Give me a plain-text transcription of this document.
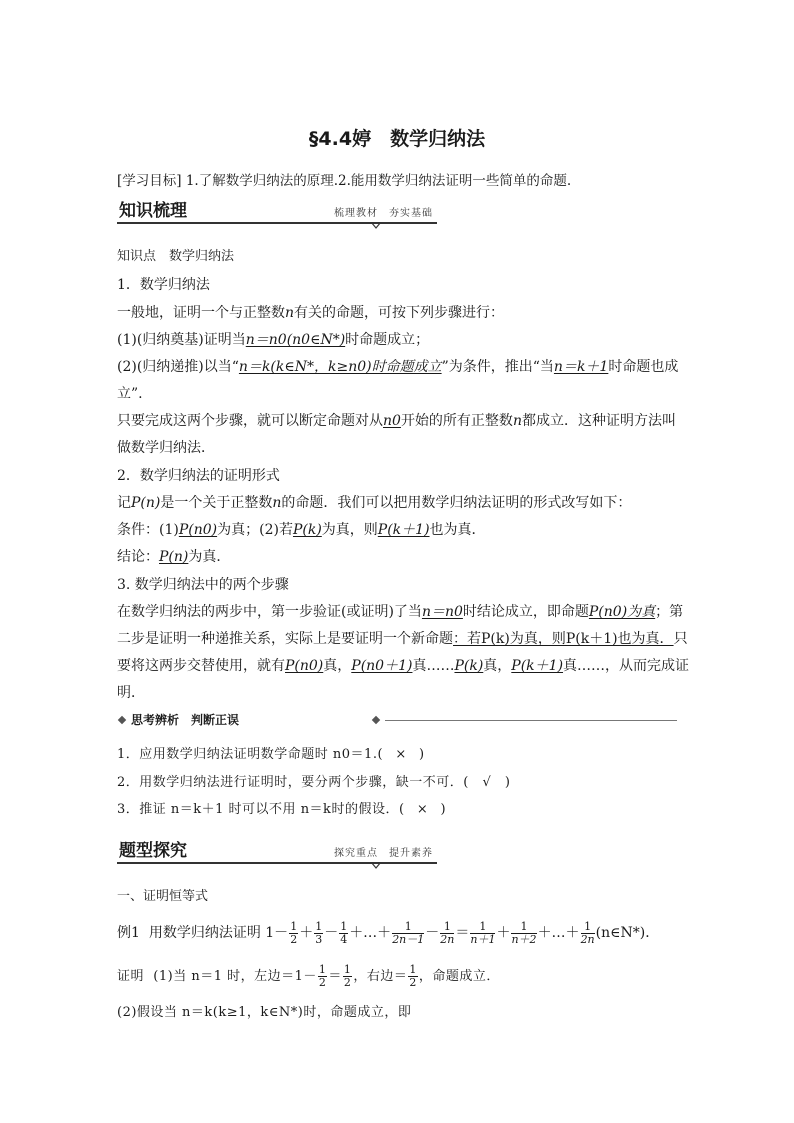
§4.4婷　数学归纳法
[学习目标] 1.了解数学归纳法的原理.2.能用数学归纳法证明一些简单的命题.
知识梳理	梳理教材　夯实基础
知识点　数学归纳法
1．数学归纳法
一般地，证明一个与正整数n有关的命题，可按下列步骤进行：
(1)(归纳奠基)证明当n＝n0(n0∈N*)时命题成立；
(2)(归纳递推)以当“n＝k(k∈N*，k≥n0)时命题成立”为条件，推出“当n＝k＋1时命题也成
立”.
只要完成这两个步骤，就可以断定命题对从n0开始的所有正整数n都成立．这种证明方法叫
做数学归纳法．
2．数学归纳法的证明形式
记P(n)是一个关于正整数n的命题．我们可以把用数学归纳法证明的形式改写如下：
条件：(1)P(n0)为真；(2)若P(k)为真，则P(k＋1)也为真．
结论：P(n)为真．
3. 数学归纳法中的两个步骤
在数学归纳法的两步中，第一步验证(或证明)了当n＝n0时结论成立，即命题P(n0)为真；第
二步是证明一种递推关系，实际上是要证明一个新命题：若P(k)为真，则P(k＋1)也为真．只
要将这两步交替使用，就有P(n0)真，P(n0＋1)真……P(k)真，P(k＋1)真……，从而完成证
明．
思考辨析　判断正误
1．应用数学归纳法证明数学命题时 n0＝1.( × )
2．用数学归纳法进行证明时，要分两个步骤，缺一不可．( √ )
3．推证 n＝k＋1 时可以不用 n＝k时的假设．( × )
题型探究	探究重点　提升素养
一、证明恒等式
例1 用数学归纳法证明 $1- \frac{1}{2} + \frac{1}{3} - \frac{1}{4}$ ＋…＋ $\frac{1}{2n-1} - \frac{1}{2n} = \frac{1}{n+1} + \frac{1}{n+2}$ ＋…＋ $\frac{1}{2n}$ (n∈N*)．
证明 (1)当 n＝1 时，左边$=1- \frac{1}{2} = \frac{1}{2}$ ，右边＝ $\frac{1}{2}$ ，命题成立．
(2)假设当 n＝k(k≥1，k∈N*)时，命题成立，即
